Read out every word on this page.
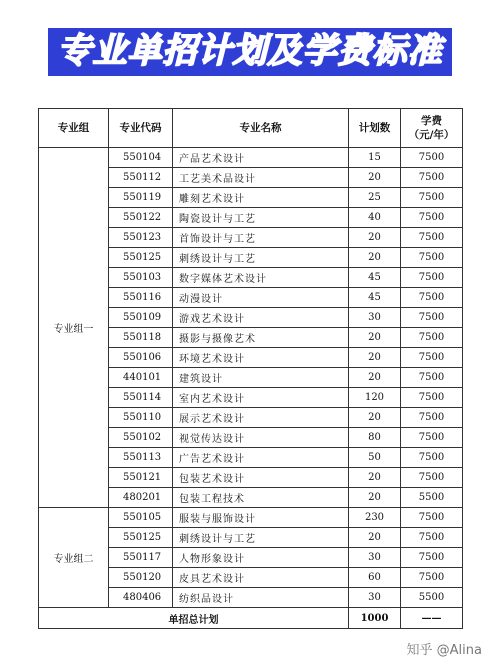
专业单招计划及学费标准
专业组	专业代码	专业名称	计划数	学费
（元/年）

专业组一	550104	产品艺术设计	15	7500
	550112	工艺美术品设计	20	7500
	550119	雕刻艺术设计	25	7500
	550122	陶瓷设计与工艺	40	7500
	550123	首饰设计与工艺	20	7500
	550125	刺绣设计与工艺	20	7500
	550103	数字媒体艺术设计	45	7500
	550116	动漫设计	45	7500
	550109	游戏艺术设计	30	7500
	550118	摄影与摄像艺术	20	7500
	550106	环境艺术设计	20	7500
	440101	建筑设计	20	7500
	550114	室内艺术设计	120	7500
	550110	展示艺术设计	20	7500
	550102	视觉传达设计	80	7500
	550113	广告艺术设计	50	7500
	550121	包装艺术设计	20	7500
	480201	包装工程技术	20	5500
专业组二	550105	服装与服饰设计	230	7500
	550125	刺绣设计与工艺	20	7500
	550117	人物形象设计	30	7500
	550120	皮具艺术设计	60	7500
	480406	纺织品设计	30	5500
单招总计划			1000	——
知乎 @Alina
